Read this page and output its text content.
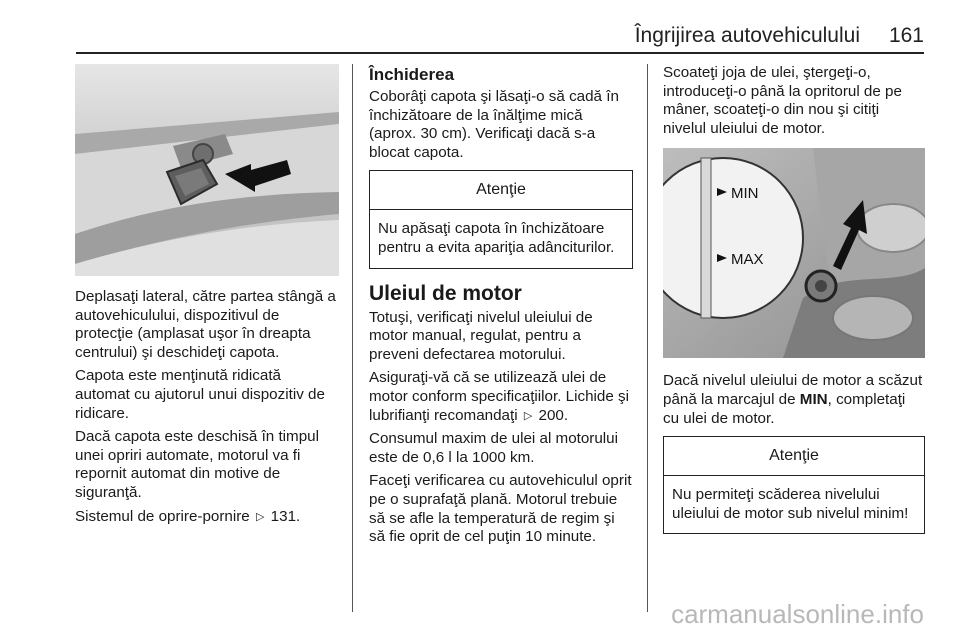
Îngrijirea autovehiculului 161

Deplasaţi lateral, către partea stângă a autovehiculului, dispozitivul de protecţie (amplasat uşor în dreapta centrului) şi deschideţi capota.

Capota este menţinută ridicată automat cu ajutorul unui dispozitiv de ridicare.

Dacă capota este deschisă în timpul unei opriri automate, motorul va fi repornit automat din motive de siguranţă.

Sistemul de oprire-pornire ▷ 131.

Închiderea

Coborâţi capota şi lăsaţi-o să cadă în închizătoare de la înălţime mică (aprox. 30 cm). Verificaţi dacă s-a blocat capota.

Atenţie
Nu apăsaţi capota în închizătoare pentru a evita apariţia adânciturilor.
Uleiul de motor

Totuşi, verificaţi nivelul uleiului de motor manual, regulat, pentru a preveni defectarea motorului.

Asiguraţi-vă că se utilizează ulei de motor conform specificaţiilor. Lichide şi lubrifianţi recomandaţi ▷ 200.

Consumul maxim de ulei al motorului este de 0,6 l la 1000 km.

Faceţi verificarea cu autovehiculul oprit pe o suprafaţă plană. Motorul trebuie să se afle la temperatură de regim şi să fie oprit de cel puţin 10 minute.

Scoateţi joja de ulei, ştergeţi-o, introduceţi-o până la opritorul de pe mâner, scoateţi-o din nou şi citiţi nivelul uleiului de motor.

MIN
MAX

Dacă nivelul uleiului de motor a scăzut până la marcajul de MIN, completaţi cu ulei de motor.

Atenţie
Nu permiteţi scăderea nivelului uleiului de motor sub nivelul minim!
carmanualsonline.info
